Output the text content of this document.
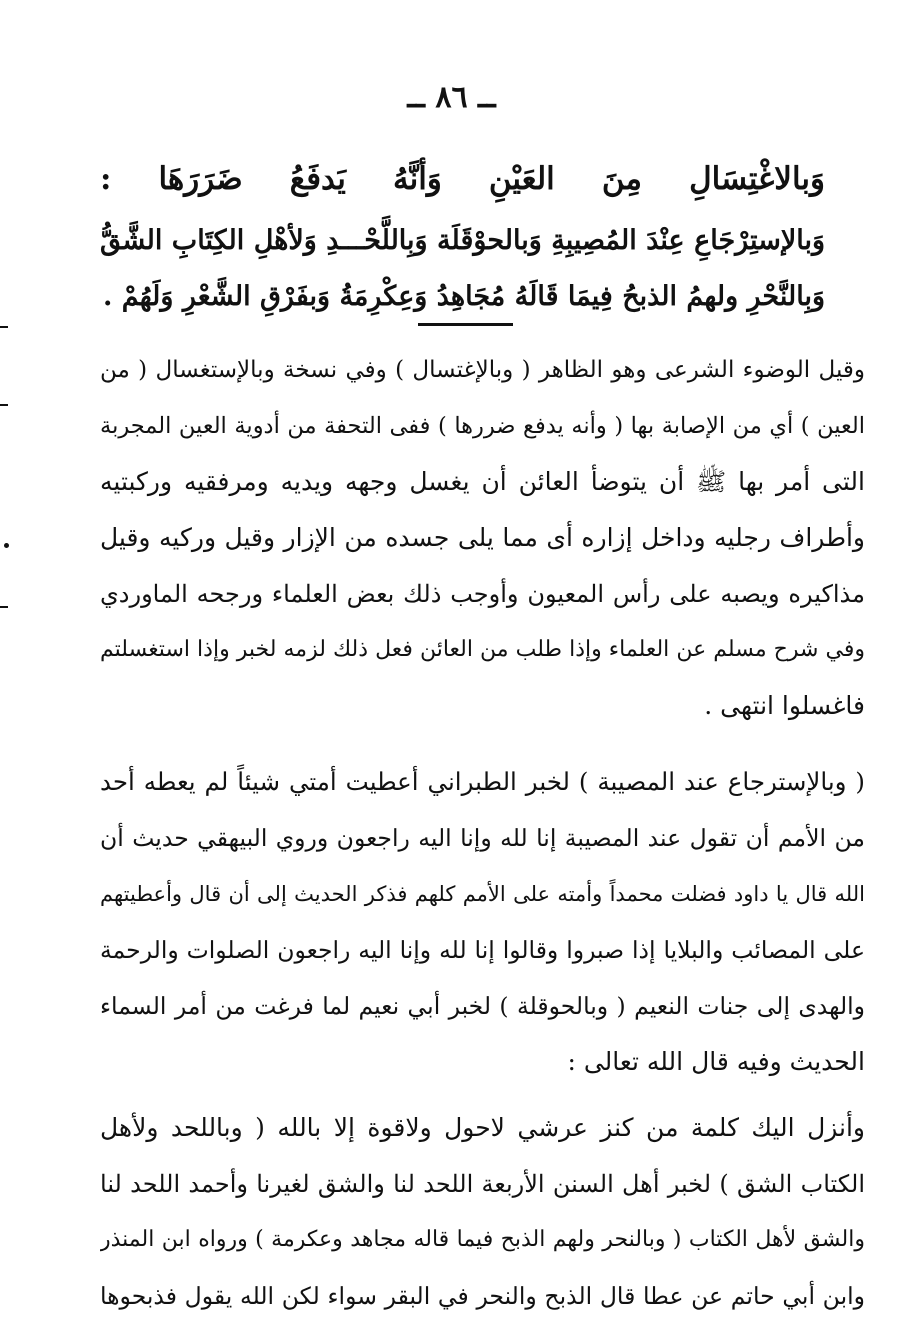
ــ ٨٦ ــ
وَبالاغْتِسَالِ مِنَ العَيْنِ وَأنَّهُ يَدفَعُ ضَرَرَهَا :
وَبالإستِرْجَاعِ عِنْدَ المُصِيبِةِ وَبالحوْقَلَة وَبِاللَّحْـــدِ وَلأهْلِ الكِتَابِ الشَّقُّ
وَبِالنَّحْرِ ولهمُ الذبحُ فِيمَا قَالَهُ مُجَاهِدُ وَعِكْرِمَةُ وَبفَرْقِ الشَّعْرِ وَلَهُمْ .
وقيل الوضوء الشرعى وهو الظاهر ( وبالإغتسال ) وفي نسخة وبالإستغسال ( من
العين ) أي من الإصابة بها ( وأنه يدفع ضررها ) ففى التحفة من أدوية العين المجربة
التى أمر بها ﷺ أن يتوضأ العائن أن يغسل وجهه ويديه ومرفقيه وركبتيه
وأطراف رجليه وداخل إزاره أى مما يلى جسده من الإزار وقيل وركيه وقيل
مذاكيره ويصبه على رأس المعيون وأوجب ذلك بعض العلماء ورجحه الماوردي
وفي شرح مسلم عن العلماء وإذا طلب من العائن فعل ذلك لزمه لخبر وإذا استغسلتم
فاغسلوا انتهى .
( وبالإسترجاع عند المصيبة ) لخبر الطبراني أعطيت أمتي شيئاً لم يعطه أحد
من الأمم أن تقول عند المصيبة إنا لله وإنا اليه راجعون وروي البيهقي حديث أن
الله قال يا داود فضلت محمداً وأمته على الأمم كلهم فذكر الحديث إلى أن قال وأعطيتهم
على المصائب والبلايا إذا صبروا وقالوا إنا لله وإنا اليه راجعون الصلوات والرحمة
والهدى إلى جنات النعيم ( وبالحوقلة ) لخبر أبي نعيم لما فرغت من أمر السماء
الحديث وفيه قال الله تعالى :
وأنزل اليك كلمة من كنز عرشي لاحول ولاقوة إلا بالله ( وباللحد ولأهل
الكتاب الشق ) لخبر أهل السنن الأربعة اللحد لنا والشق لغيرنا وأحمد اللحد لنا
والشق لأهل الكتاب ( وبالنحر ولهم الذبح فيما قاله مجاهد وعكرمة ) ورواه ابن المنذر
وابن أبي حاتم عن عطا قال الذبح والنحر في البقر سواء لكن الله يقول فذبحوها
